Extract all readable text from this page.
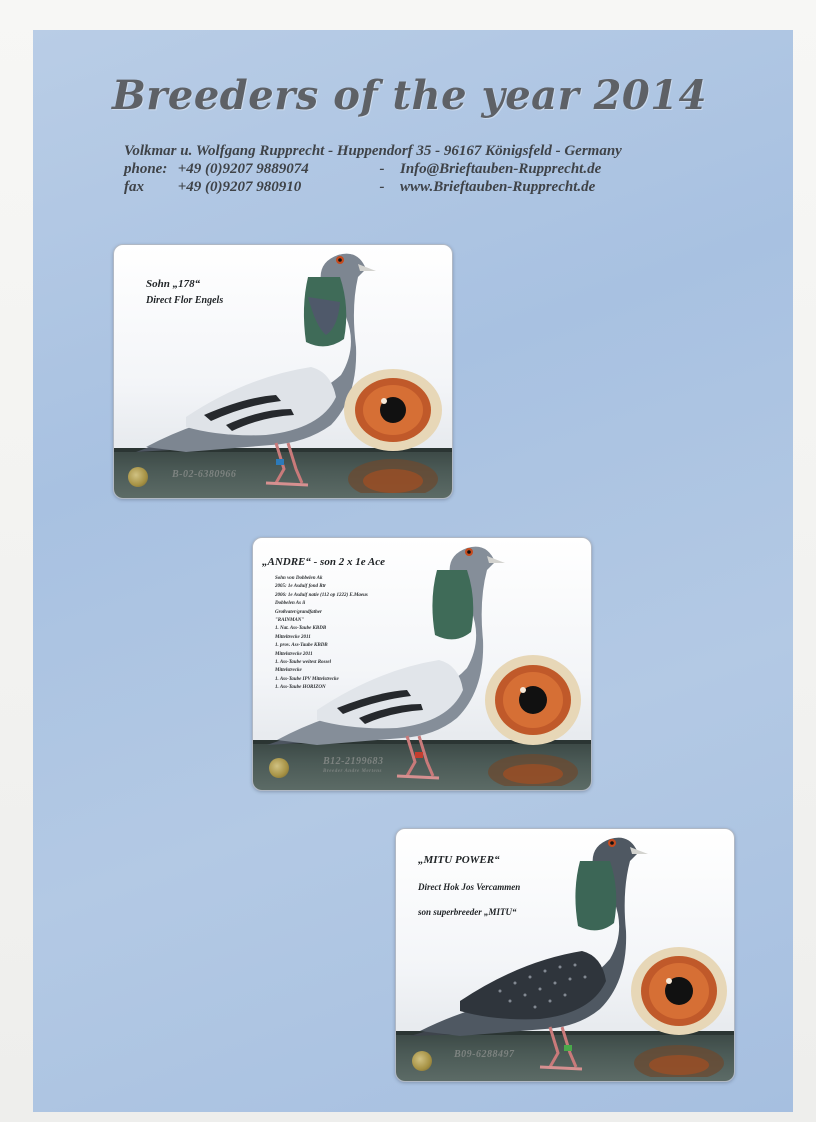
Breeders of the year 2014
Volkmar u. Wolfgang Rupprecht - Huppendorf 35 - 96167 Königsfeld - Germany
phone: +49 (0)9207 9889074	-	Info@Brieftauben-Rupprecht.de
fax +49 (0)9207 980910	-	www.Brieftauben-Rupprecht.de
Sohn „178“
Direct Flor Engels
B-02-6380966
„ANDRE“ - son 2 x 1e Ace
Sohn von Dobbelen Ak
2005: 1e Asduif fond Rtr
2006: 1e Asduif natie (112 op 1222) E.Maeus
Dobbelen As ii
Großvater/grandfather
"RAINMAN"
1. Nat. Ass-Taube KBDB
Mitteltrecke 2011
1. prov. Ass-Taube KBDB
Mittelstrecke 2011
1. Ass-Taube weitest Rossel
Mittelstrecke
1. Ass-Taube IPV Mittelstrecke
1. Ass-Taube HORIZON
B12-2199683
Breeder Andre Mertens
„MITU POWER“
Direct Hok Jos Vercammen
son superbreeder „MITU“
B09-6288497
